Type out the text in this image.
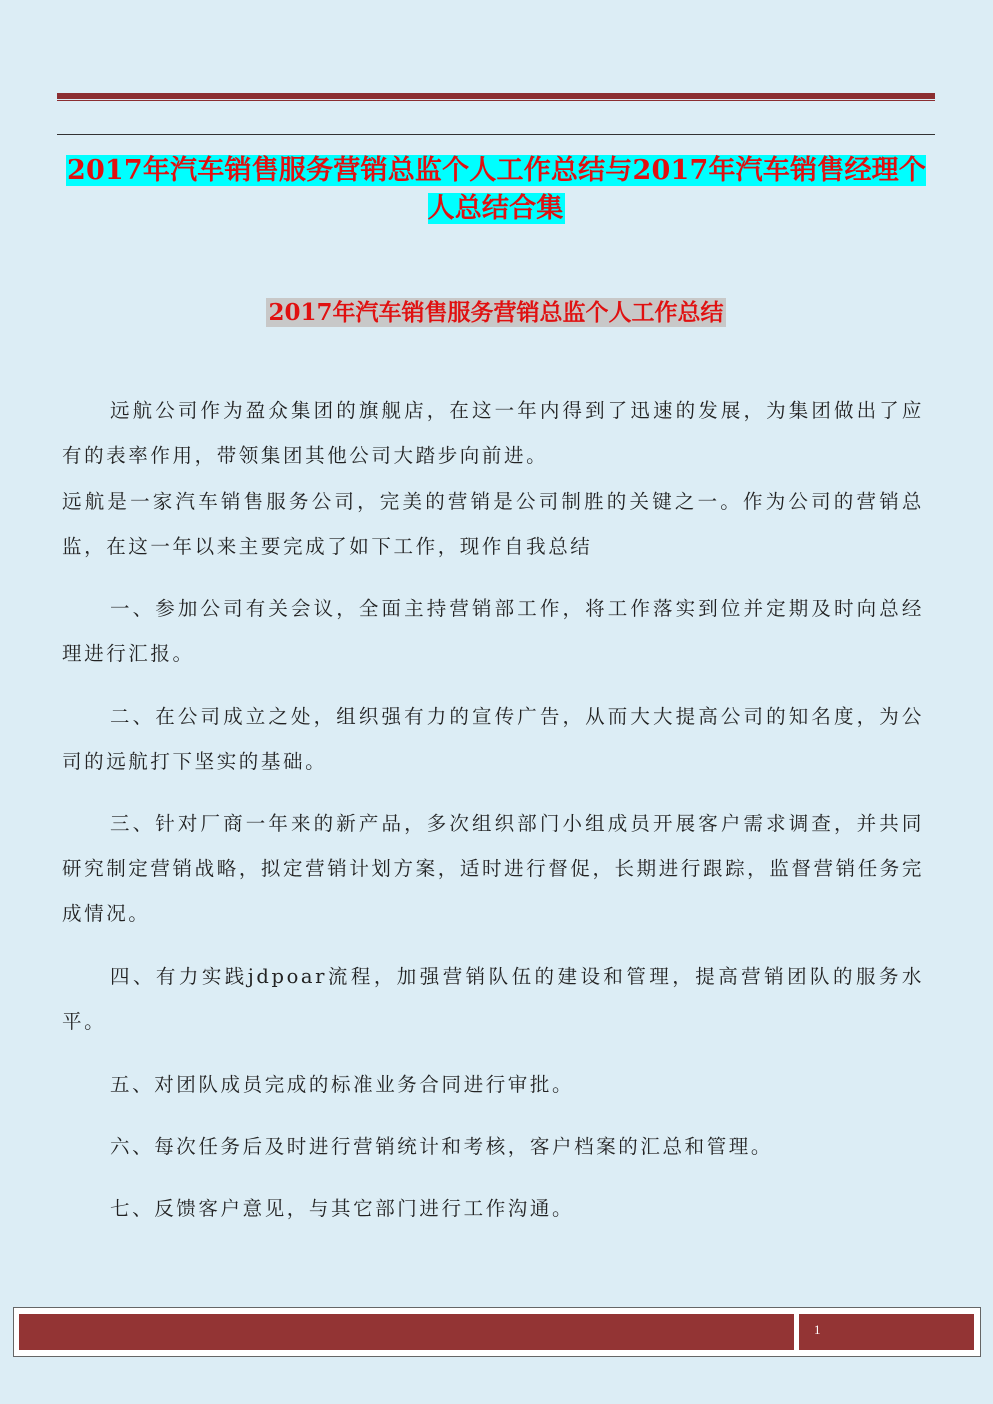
2017年汽车销售服务营销总监个人工作总结与2017年汽车销售经理个人总结合集
2017年汽车销售服务营销总监个人工作总结

远航公司作为盈众集团的旗舰店，在这一年内得到了迅速的发展，为集团做出了应有的表率作用，带领集团其他公司大踏步向前进。

远航是一家汽车销售服务公司，完美的营销是公司制胜的关键之一。作为公司的营销总监，在这一年以来主要完成了如下工作，现作自我总结

一、参加公司有关会议，全面主持营销部工作，将工作落实到位并定期及时向总经理进行汇报。

二、在公司成立之处，组织强有力的宣传广告，从而大大提高公司的知名度，为公司的远航打下坚实的基础。

三、针对厂商一年来的新产品，多次组织部门小组成员开展客户需求调查，并共同研究制定营销战略，拟定营销计划方案，适时进行督促，长期进行跟踪，监督营销任务完成情况。

四、有力实践jdpoar流程，加强营销队伍的建设和管理，提高营销团队的服务水平。

五、对团队成员完成的标准业务合同进行审批。

六、每次任务后及时进行营销统计和考核，客户档案的汇总和管理。

七、反馈客户意见，与其它部门进行工作沟通。

1
